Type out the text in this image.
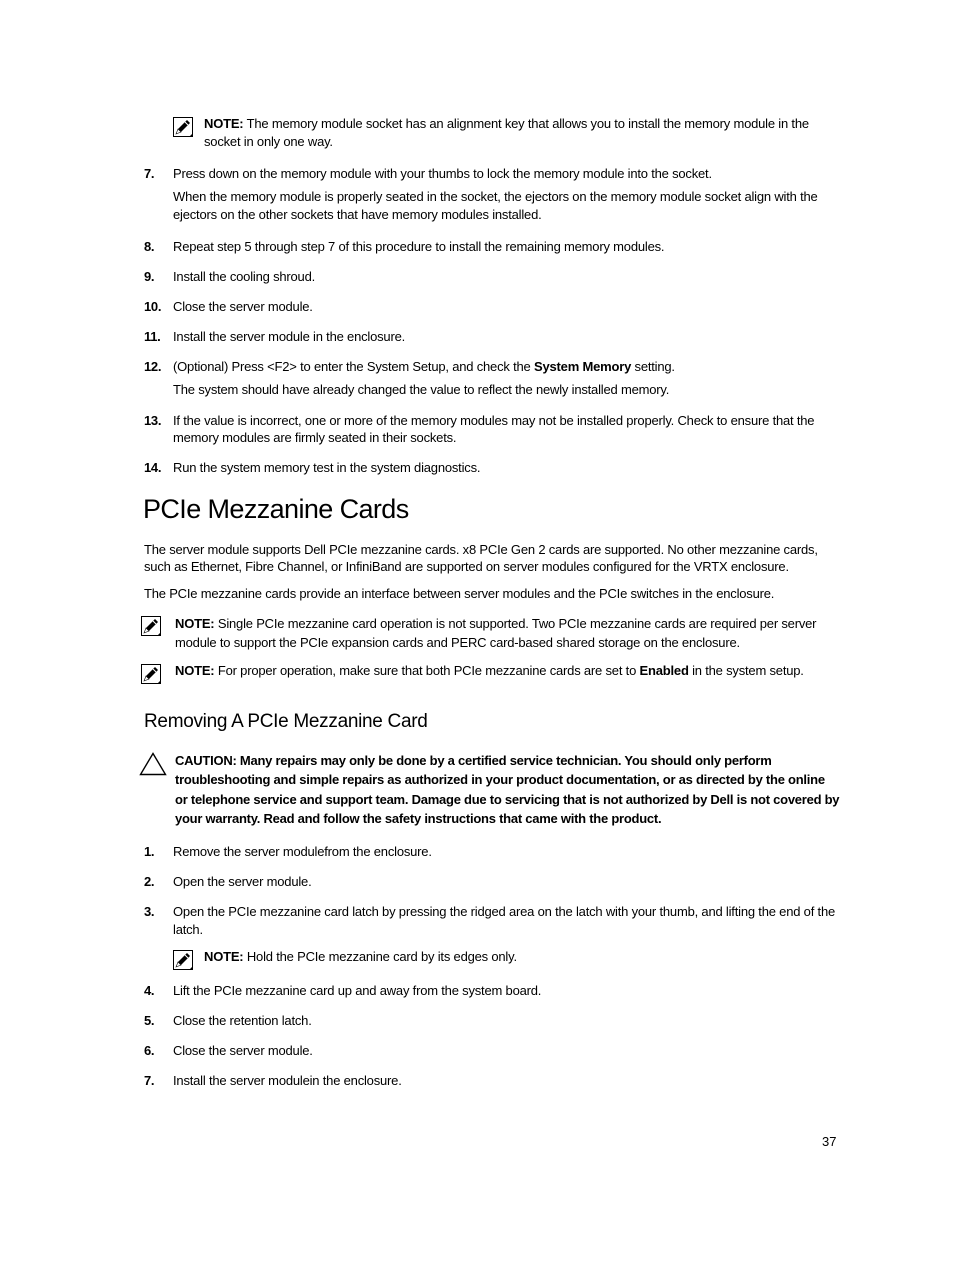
NOTE: The memory module socket has an alignment key that allows you to install the memory module in the socket in only one way.
7.	Press down on the memory module with your thumbs to lock the memory module into the socket.
When the memory module is properly seated in the socket, the ejectors on the memory module socket align with the ejectors on the other sockets that have memory modules installed.
8.	Repeat step 5 through step 7 of this procedure to install the remaining memory modules.
9.	Install the cooling shroud.
10. Close the server module.
11. Install the server module in the enclosure.
12. (Optional) Press <F2> to enter the System Setup, and check the System Memory setting.
The system should have already changed the value to reflect the newly installed memory.
13. If the value is incorrect, one or more of the memory modules may not be installed properly. Check to ensure that the memory modules are firmly seated in their sockets.
14. Run the system memory test in the system diagnostics.
PCIe Mezzanine Cards
The server module supports Dell PCIe mezzanine cards. x8 PCIe Gen 2 cards are supported. No other mezzanine cards, such as Ethernet, Fibre Channel, or InfiniBand are supported on server modules configured for the VRTX enclosure.
The PCIe mezzanine cards provide an interface between server modules and the PCIe switches in the enclosure.
NOTE: Single PCIe mezzanine card operation is not supported. Two PCIe mezzanine cards are required per server module to support the PCIe expansion cards and PERC card-based shared storage on the enclosure.
NOTE: For proper operation, make sure that both PCIe mezzanine cards are set to Enabled in the system setup.
Removing A PCIe Mezzanine Card
CAUTION: Many repairs may only be done by a certified service technician. You should only perform troubleshooting and simple repairs as authorized in your product documentation, or as directed by the online or telephone service and support team. Damage due to servicing that is not authorized by Dell is not covered by your warranty. Read and follow the safety instructions that came with the product.
1.	Remove the server modulefrom the enclosure.
2.	Open the server module.
3.	Open the PCIe mezzanine card latch by pressing the ridged area on the latch with your thumb, and lifting the end of the latch.
NOTE: Hold the PCIe mezzanine card by its edges only.
4.	Lift the PCIe mezzanine card up and away from the system board.
5.	Close the retention latch.
6.	Close the server module.
7.	Install the server modulein the enclosure.
37
